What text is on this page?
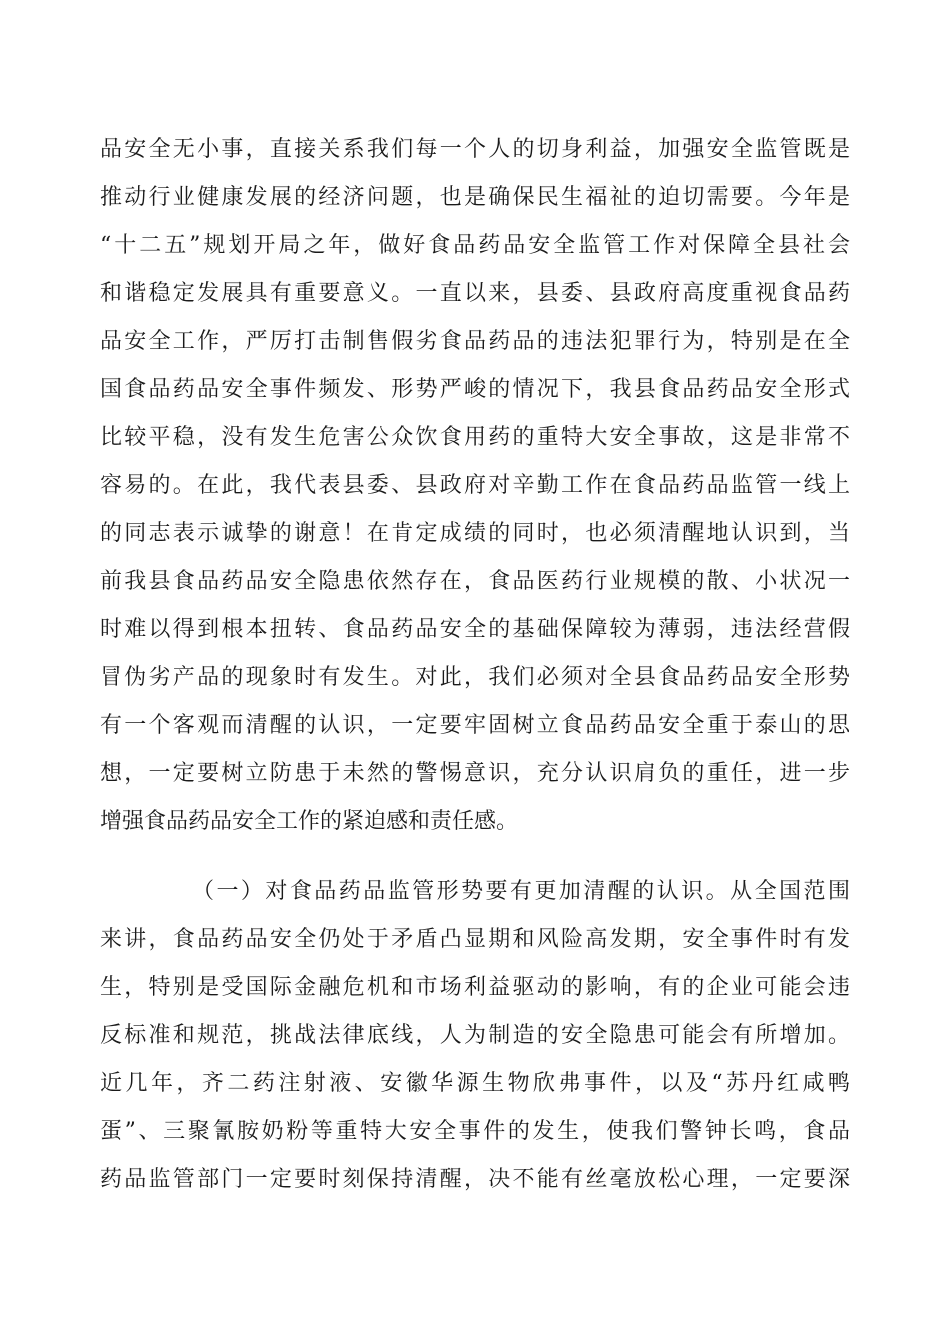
品安全无小事，直接关系我们每一个人的切身利益，加强安全监管既是
推动行业健康发展的经济问题，也是确保民生福祉的迫切需要。今年是
“十二五”规划开局之年，做好食品药品安全监管工作对保障全县社会
和谐稳定发展具有重要意义。一直以来，县委、县政府高度重视食品药
品安全工作，严厉打击制售假劣食品药品的违法犯罪行为，特别是在全
国食品药品安全事件频发、形势严峻的情况下，我县食品药品安全形式
比较平稳，没有发生危害公众饮食用药的重特大安全事故，这是非常不
容易的。在此，我代表县委、县政府对辛勤工作在食品药品监管一线上
的同志表示诚挚的谢意！在肯定成绩的同时，也必须清醒地认识到，当
前我县食品药品安全隐患依然存在，食品医药行业规模的散、小状况一
时难以得到根本扭转、食品药品安全的基础保障较为薄弱，违法经营假
冒伪劣产品的现象时有发生。对此，我们必须对全县食品药品安全形势
有一个客观而清醒的认识，一定要牢固树立食品药品安全重于泰山的思
想，一定要树立防患于未然的警惕意识，充分认识肩负的重任，进一步
增强食品药品安全工作的紧迫感和责任感。
（一）对食品药品监管形势要有更加清醒的认识。从全国范围
来讲，食品药品安全仍处于矛盾凸显期和风险高发期，安全事件时有发
生，特别是受国际金融危机和市场利益驱动的影响，有的企业可能会违
反标准和规范，挑战法律底线，人为制造的安全隐患可能会有所增加。
近几年，齐二药注射液、安徽华源生物欣弗事件，以及“苏丹红咸鸭
蛋”、三聚氰胺奶粉等重特大安全事件的发生，使我们警钟长鸣，食品
药品监管部门一定要时刻保持清醒，决不能有丝毫放松心理，一定要深
